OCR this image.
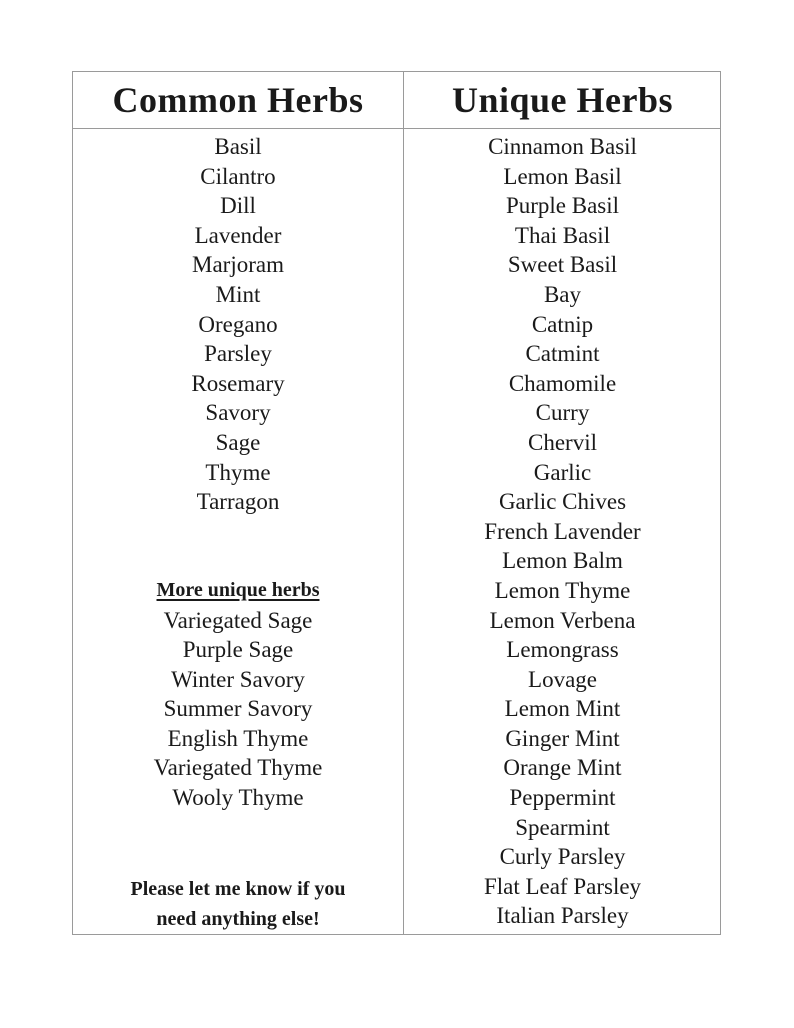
Common Herbs	Unique Herbs
Basil
Cilantro
Dill
Lavender
Marjoram
Mint
Oregano
Parsley
Rosemary
Savory
Sage
Thyme
Tarragon
More unique herbs
Variegated Sage
Purple Sage
Winter Savory
Summer Savory
English Thyme
Variegated Thyme
Wooly Thyme
Please let me know if you
need anything else!
Cinnamon Basil
Lemon Basil
Purple Basil
Thai Basil
Sweet Basil
Bay
Catnip
Catmint
Chamomile
Curry
Chervil
Garlic
Garlic Chives
French Lavender
Lemon Balm
Lemon Thyme
Lemon Verbena
Lemongrass
Lovage
Lemon Mint
Ginger Mint
Orange Mint
Peppermint
Spearmint
Curly Parsley
Flat Leaf Parsley
Italian Parsley
